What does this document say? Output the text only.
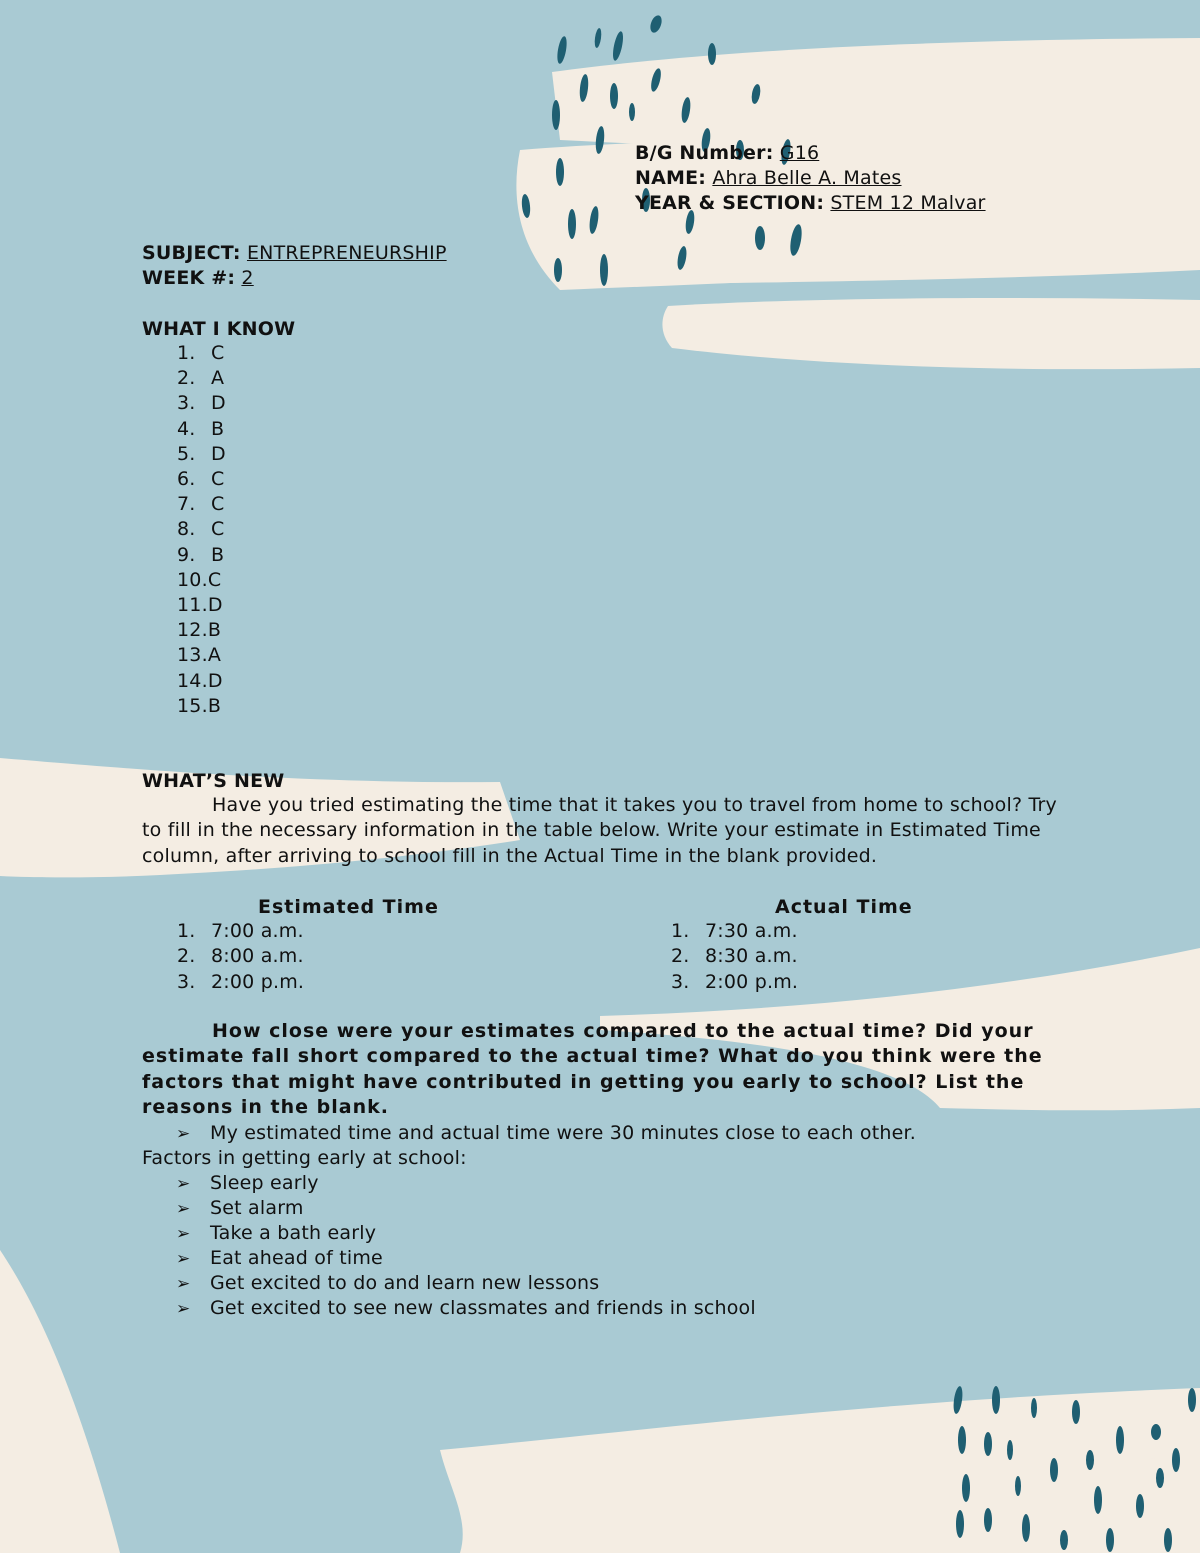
B/G Number: G16
NAME: Ahra Belle A. Mates
YEAR & SECTION: STEM 12 Malvar
SUBJECT: ENTREPRENEURSHIP
WEEK #: 2
WHAT I KNOW
1. C
2. A
3. D
4. B
5. D
6. C
7. C
8. C
9. B
10.C
11.D
12.B
13.A
14.D
15.B
WHAT’S NEW
Have you tried estimating the time that it takes you to travel from home to school? Try to fill in the necessary information in the table below. Write your estimate in Estimated Time column, after arriving to school fill in the Actual Time in the blank provided.
Estimated Time	Actual Time
1. 7:00 a.m.
2. 8:00 a.m.
3. 2:00 p.m.
1. 7:30 a.m.
2. 8:30 a.m.
3. 2:00 p.m.
How close were your estimates compared to the actual time? Did your estimate fall short compared to the actual time? What do you think were the factors that might have contributed in getting you early to school? List the reasons in the blank.
➢ My estimated time and actual time were 30 minutes close to each other.
Factors in getting early at school:
➢ Sleep early
➢ Set alarm
➢ Take a bath early
➢ Eat ahead of time
➢ Get excited to do and learn new lessons
➢ Get excited to see new classmates and friends in school
